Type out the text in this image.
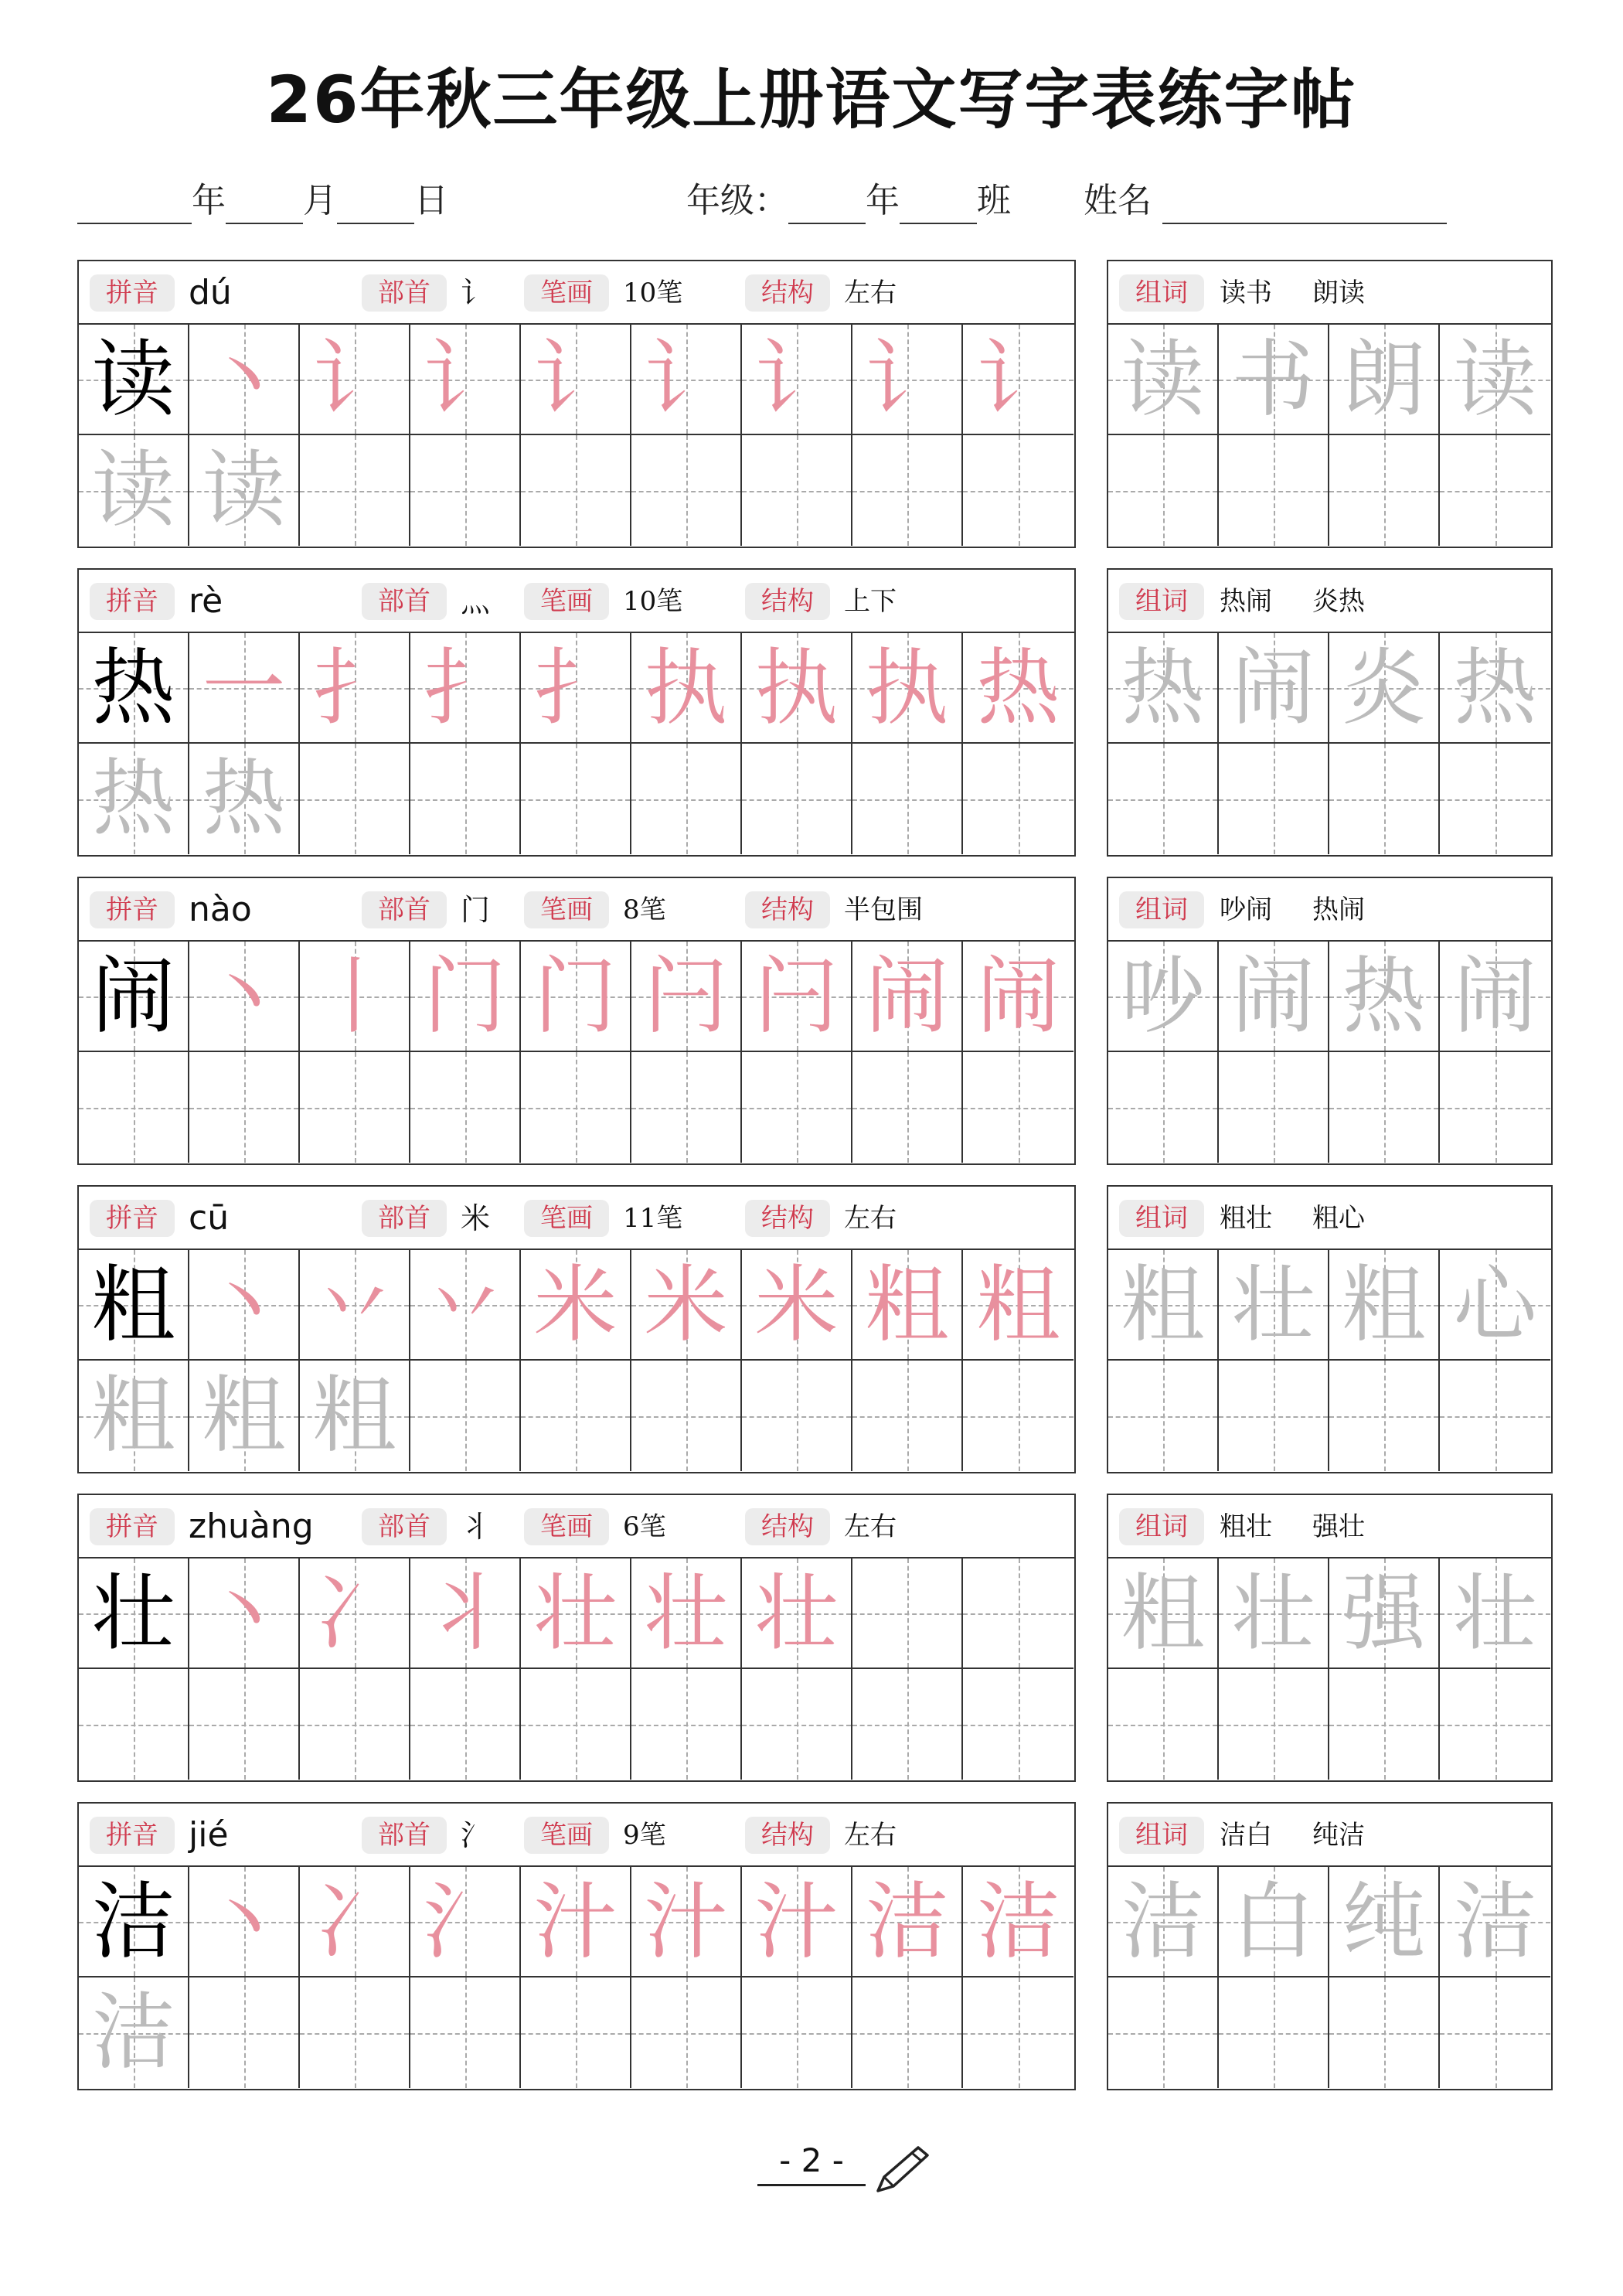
26年秋三年级上册语文写字表练字帖
年 月 日	年级： 年 班 姓名
拼音 dú	部首	讠	笔画	10笔	结构	左右
读 丶 讠 讠 讠 讠 讠 讠 讠
读 读
组词	读书 朗读
读 书 朗 读
拼音 rè	部首	灬	笔画	10笔	结构	上下
热 一 扌 扌 扌 执 执 执 热
热 热
组词	热闹 炎热
热 闹 炎 热
拼音 nào	部首	门	笔画	8笔	结构	半包围
闹 丶 丨 门 门 闩 闩 闹 闹
组词	吵闹 热闹
吵 闹 热 闹
拼音 cū	部首	米	笔画	11笔	结构	左右
粗 丶 丷 丷 米 米 米 粗 粗
粗 粗 粗
组词	粗壮 粗心
粗 壮 粗 心
拼音 zhuàng	部首	丬	笔画	6笔	结构	左右
壮 丶 冫 丬 壮 壮 壮
组词	粗壮 强壮
粗 壮 强 壮
拼音 jié	部首	氵	笔画	9笔	结构	左右
洁 丶 冫 氵 汁 汁 汁 洁 洁
洁
组词	洁白 纯洁
洁 白 纯 洁
- 2 -
